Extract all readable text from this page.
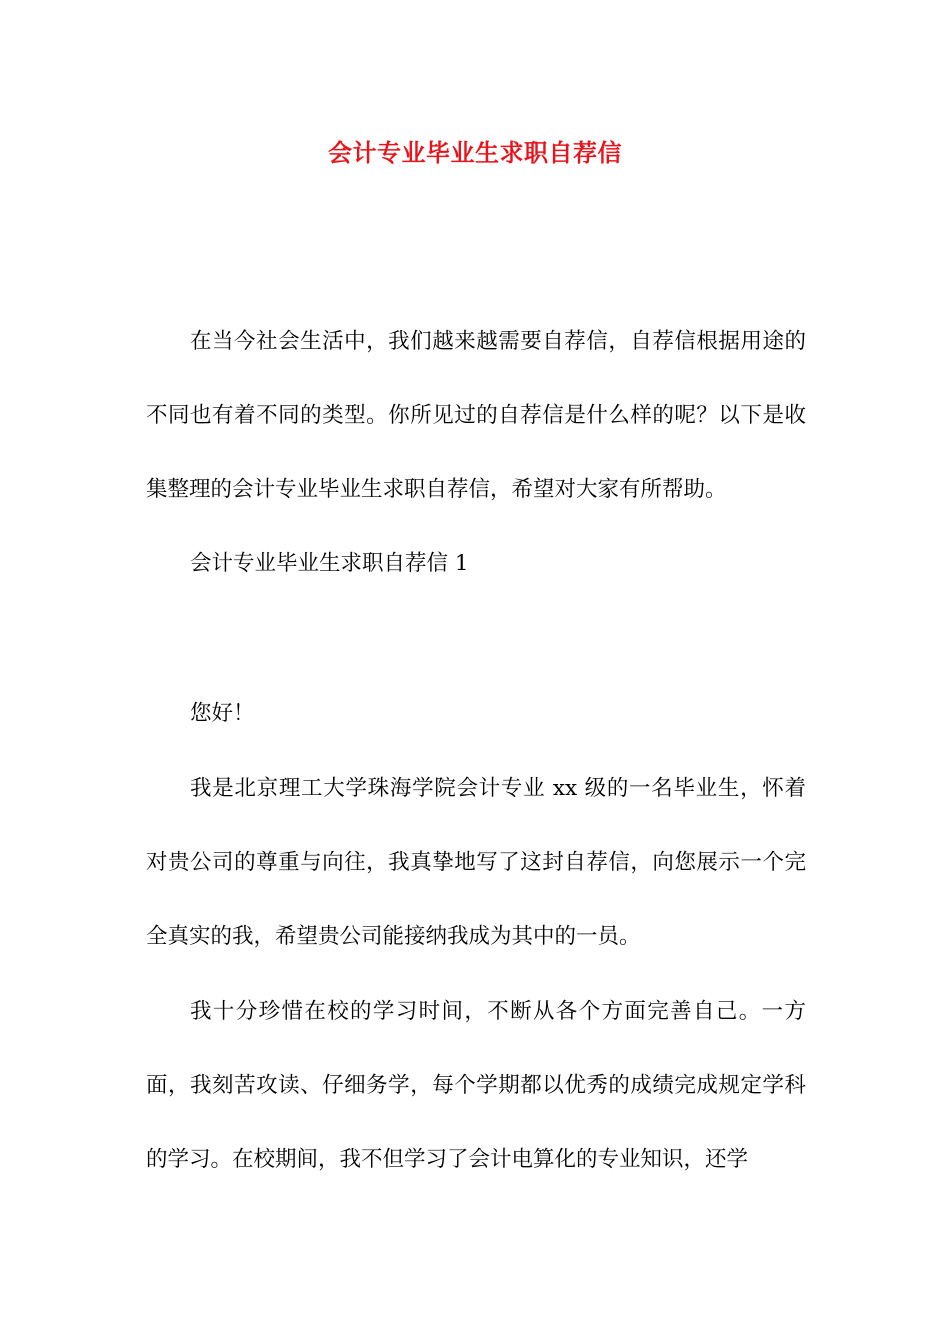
会计专业毕业生求职自荐信

在当今社会生活中，我们越来越需要自荐信，自荐信根据用途的不同也有着不同的类型。你所见过的自荐信是什么样的呢？以下是收集整理的会计专业毕业生求职自荐信，希望对大家有所帮助。

会计专业毕业生求职自荐信 1

您好！

我是北京理工大学珠海学院会计专业 xx 级的一名毕业生，怀着对贵公司的尊重与向往，我真挚地写了这封自荐信，向您展示一个完全真实的我，希望贵公司能接纳我成为其中的一员。

我十分珍惜在校的学习时间，不断从各个方面完善自己。一方面，我刻苦攻读、仔细务学，每个学期都以优秀的成绩完成规定学科的学习。在校期间，我不但学习了会计电算化的专业知识，还学
